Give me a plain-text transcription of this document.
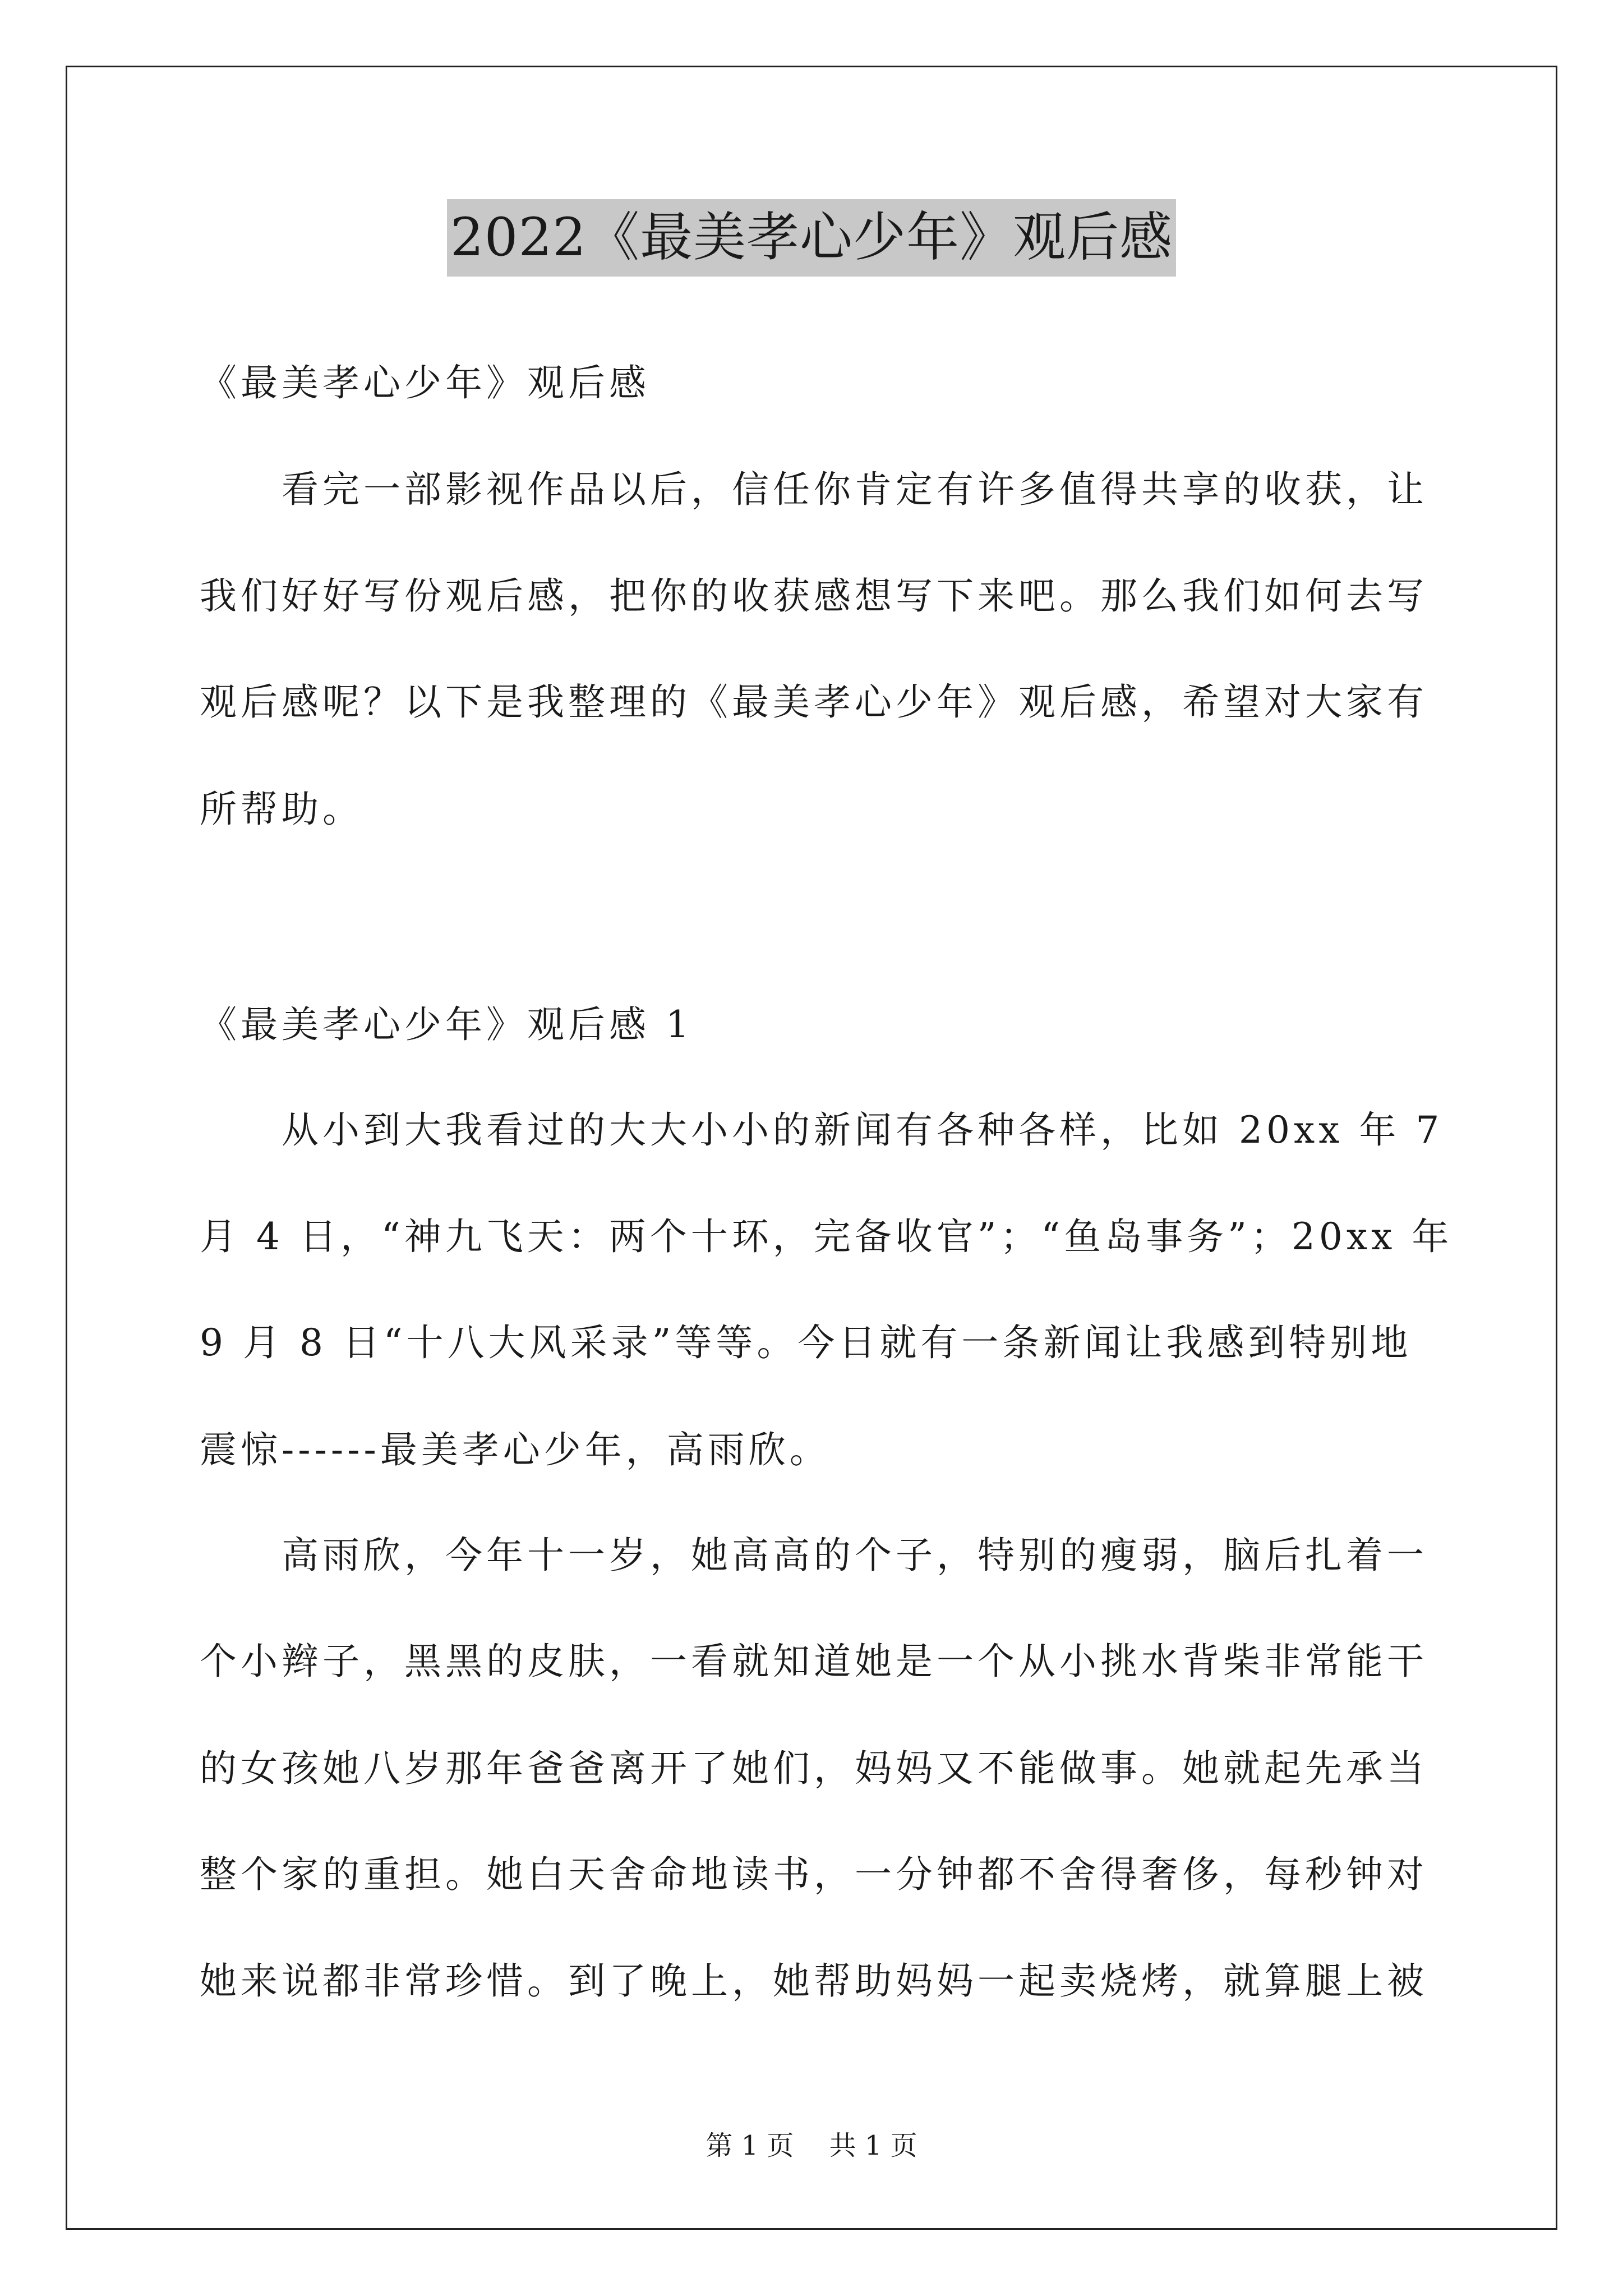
2022《最美孝心少年》观后感
《最美孝心少年》观后感
　　看完一部影视作品以后，信任你肯定有许多值得共享的收获，让
我们好好写份观后感，把你的收获感想写下来吧。那么我们如何去写
观后感呢？以下是我整理的《最美孝心少年》观后感，希望对大家有
所帮助。
《最美孝心少年》观后感 1
　　从小到大我看过的大大小小的新闻有各种各样，比如 20xx 年 7
月 4 日，“神九飞天：两个十环，完备收官”；“鱼岛事务”；20xx 年
9 月 8 日“十八大风采录”等等。今日就有一条新闻让我感到特别地
震惊------最美孝心少年，高雨欣。
　　高雨欣，今年十一岁，她高高的个子，特别的瘦弱，脑后扎着一
个小辫子，黑黑的皮肤，一看就知道她是一个从小挑水背柴非常能干
的女孩她八岁那年爸爸离开了她们，妈妈又不能做事。她就起先承当
整个家的重担。她白天舍命地读书，一分钟都不舍得奢侈，每秒钟对
她来说都非常珍惜。到了晚上，她帮助妈妈一起卖烧烤，就算腿上被
第 1 页　 共 1 页
